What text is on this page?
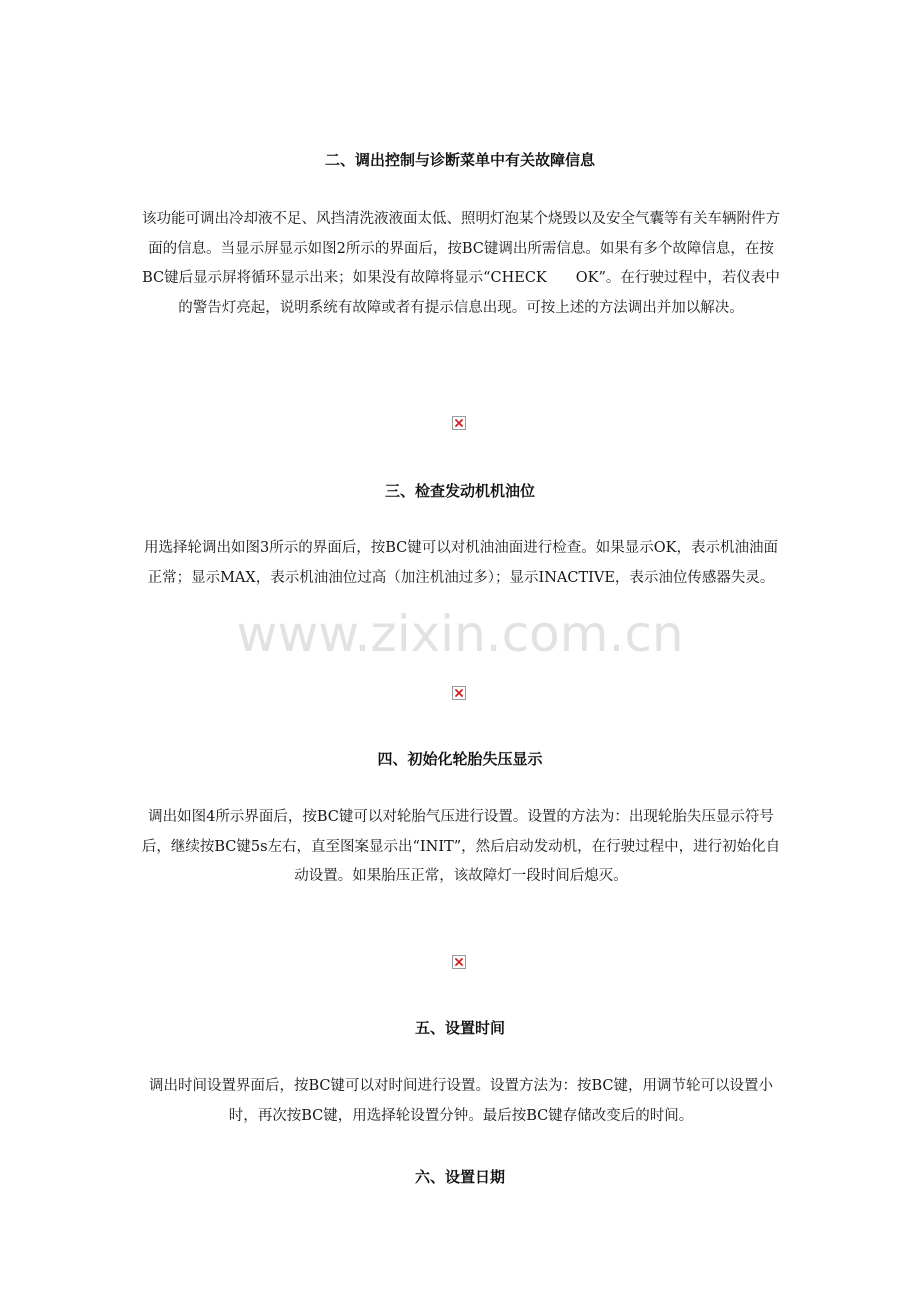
二、调出控制与诊断菜单中有关故障信息
该功能可调出冷却液不足、风挡清洗液液面太低、照明灯泡某个烧毁以及安全气囊等有关车辆附件方面的信息。当显示屏显示如图2所示的界面后，按BC键调出所需信息。如果有多个故障信息，在按BC键后显示屏将循环显示出来；如果没有故障将显示“CHECK　　OK”。在行驶过程中，若仪表中的警告灯亮起，说明系统有故障或者有提示信息出现。可按上述的方法调出并加以解决。
三、检查发动机机油位
用选择轮调出如图3所示的界面后，按BC键可以对机油油面进行检查。如果显示OK，表示机油油面正常；显示MAX，表示机油油位过高（加注机油过多）；显示INACTIVE，表示油位传感器失灵。
www.zixin.com.cn
四、初始化轮胎失压显示
调出如图4所示界面后，按BC键可以对轮胎气压进行设置。设置的方法为：出现轮胎失压显示符号后，继续按BC键5s左右，直至图案显示出“INIT”，然后启动发动机，在行驶过程中，进行初始化自动设置。如果胎压正常，该故障灯一段时间后熄灭。
五、设置时间
调出时间设置界面后，按BC键可以对时间进行设置。设置方法为：按BC键，用调节轮可以设置小时，再次按BC键，用选择轮设置分钟。最后按BC键存储改变后的时间。
六、设置日期
